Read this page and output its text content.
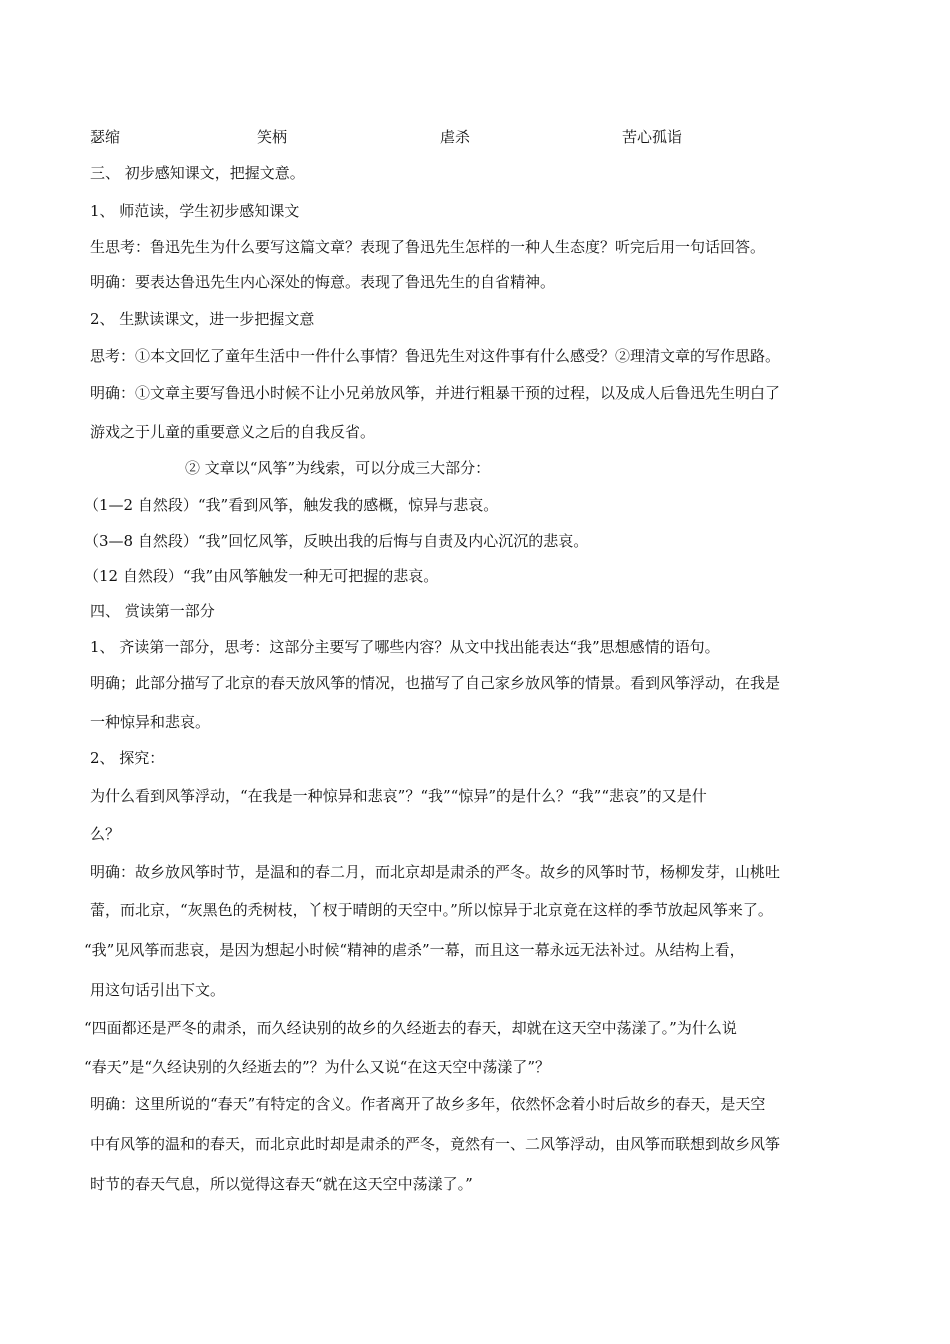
瑟缩	笑柄	虐杀	苦心孤诣
三、 初步感知课文，把握文意。
1、 师范读，学生初步感知课文
生思考：鲁迅先生为什么要写这篇文章？表现了鲁迅先生怎样的一种人生态度？听完后用一句话回答。
明确：要表达鲁迅先生内心深处的悔意。表现了鲁迅先生的自省精神。
2、 生默读课文，进一步把握文意
思考：①本文回忆了童年生活中一件什么事情？鲁迅先生对这件事有什么感受？②理清文章的写作思路。
明确：①文章主要写鲁迅小时候不让小兄弟放风筝，并进行粗暴干预的过程，以及成人后鲁迅先生明白了
游戏之于儿童的重要意义之后的自我反省。
② 文章以“风筝”为线索，可以分成三大部分：
（1—2 自然段）“我”看到风筝，触发我的感概，惊异与悲哀。
（3—8 自然段）“我”回忆风筝，反映出我的后悔与自责及内心沉沉的悲哀。
（12 自然段）“我”由风筝触发一种无可把握的悲哀。
四、 赏读第一部分
1、 齐读第一部分，思考：这部分主要写了哪些内容？从文中找出能表达“我”思想感情的语句。
明确；此部分描写了北京的春天放风筝的情况，也描写了自己家乡放风筝的情景。看到风筝浮动，在我是
一种惊异和悲哀。
2、 探究：
为什么看到风筝浮动，“在我是一种惊异和悲哀”？“我”“惊异”的是什么？“我”“悲哀”的又是什
么？
明确：故乡放风筝时节，是温和的春二月，而北京却是肃杀的严冬。故乡的风筝时节，杨柳发芽，山桃吐
蕾，而北京，“灰黑色的秃树枝，丫杈于晴朗的天空中。”所以惊异于北京竟在这样的季节放起风筝来了。
“我”见风筝而悲哀，是因为想起小时候“精神的虐杀”一幕，而且这一幕永远无法补过。从结构上看，
用这句话引出下文。
“四面都还是严冬的肃杀，而久经诀别的故乡的久经逝去的春天，却就在这天空中荡漾了。”为什么说
“春天”是“久经诀别的久经逝去的”？为什么又说“在这天空中荡漾了”？
明确：这里所说的“春天”有特定的含义。作者离开了故乡多年，依然怀念着小时后故乡的春天，是天空
中有风筝的温和的春天，而北京此时却是肃杀的严冬，竟然有一、二风筝浮动，由风筝而联想到故乡风筝
时节的春天气息，所以觉得这春天“就在这天空中荡漾了。”
